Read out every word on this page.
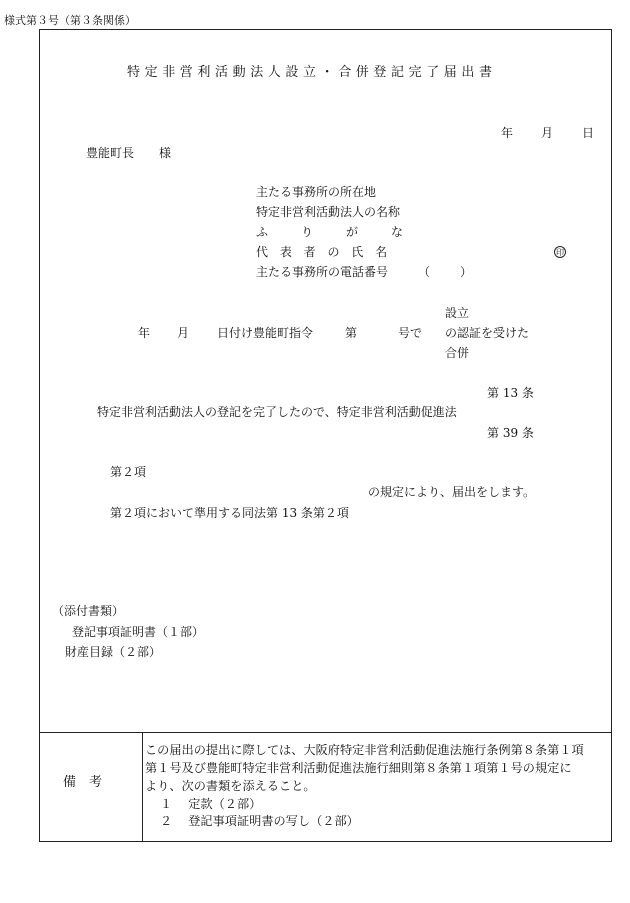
様式第３号（第３条関係）
特定非営利活動法人設立・合併登記完了届出書
年 月 日
豊能町長 様
主たる事務所の所在地
特定非営利活動法人の名称
ふ	り	が	な
代 表 者 の 氏 名	印
主たる事務所の電話番号 （ ）
設立
年 月 日付け豊能町指令	第	号で の認証を受けた
合併
第 13 条
特定非営利活動法人の登記を完了したので、特定非営利活動促進法
第 39 条
第２項
の規定により、届出をします。
第２項において準用する同法第 13 条第２項
（添付書類）
登記事項証明書（１部）
財産目録（２部）
備　考
この届出の提出に際しては、大阪府特定非営利活動促進法施行条例第８条第１項
第１号及び豊能町特定非営利活動促進法施行細則第８条第１項第１号の規定に
より、次の書類を添えること。
１　 定款（２部）
２　 登記事項証明書の写し（２部）
